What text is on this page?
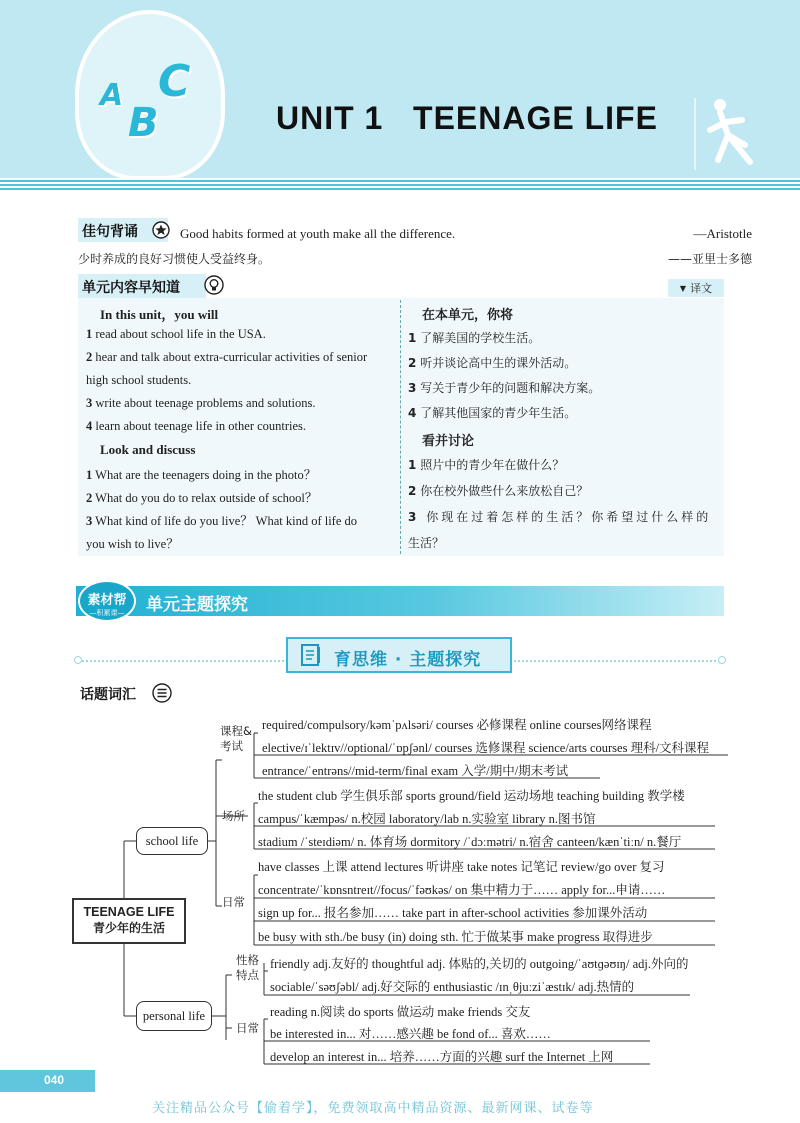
A
B
C
UNIT 1   TEENAGE LIFE
佳句背诵	Good habits formed at youth make all the difference.	—Aristotle
少时养成的良好习惯使人受益终身。	——亚里士多德
单元内容早知道	▼ 译文
In this unit，you will
1 read about school life in the USA.
2 hear and talk about extra-curricular activities of senior
high school students.
3 write about teenage problems and solutions.
4 learn about teenage life in other countries.
Look and discuss
1 What are the teenagers doing in the photo？
2 What do you do to relax outside of school？
3 What kind of life do you live？ What kind of life do
you wish to live？
在本单元，你将
1 了解美国的学校生活。
2 听并谈论高中生的课外活动。
3 写关于青少年的问题和解决方案。
4 了解其他国家的青少年生活。
看并讨论
1 照片中的青少年在做什么？
2 你在校外做些什么来放松自己？
3 你现在过着怎样的生活？你希望过什么样的
生活？
素材帮
—积累课—	单元主题探究
育思维 · 主题探究
话题词汇
TEENAGE LIFE
青少年的生活
school life
personal life
课程&
考试
场所
日常
required/compulsory/kəmˈpʌlsəri/ courses 必修课程 online courses网络课程
elective/ɪˈlektɪv//optional/ˈɒpʃənl/ courses 选修课程 science/arts courses 理科/文科课程
entrance/ˈentrəns//mid-term/final exam 入学/期中/期末考试
the student club 学生俱乐部 sports ground/field 运动场地 teaching building 教学楼
campus/ˈkæmpəs/ n.校园 laboratory/lab n.实验室 library n.图书馆
stadium /ˈsteɪdiəm/ n. 体育场 dormitory /ˈdɔːmətri/ n.宿舍 canteen/kænˈtiːn/ n.餐厅
have classes 上课 attend lectures 听讲座 take notes 记笔记 review/go over 复习
concentrate/ˈkɒnsntreɪt//focus/ˈfəʊkəs/ on 集中精力于…… apply for...申请……
sign up for... 报名参加…… take part in after-school activities 参加课外活动
be busy with sth./be busy (in) doing sth. 忙于做某事 make progress 取得进步
性格
特点
日常
friendly adj.友好的 thoughtful adj. 体贴的,关切的 outgoing/ˈaʊtɡəʊɪŋ/ adj.外向的
sociable/ˈsəʊʃəbl/ adj.好交际的 enthusiastic /ɪnˌθjuːziˈæstɪk/ adj.热情的
reading n.阅读 do sports 做运动 make friends 交友
be interested in... 对……感兴趣 be fond of... 喜欢……
develop an interest in... 培养……方面的兴趣 surf the Internet 上网
040
关注精品公众号【偷着学】，免费领取高中精品资源、最新网课、试卷等
